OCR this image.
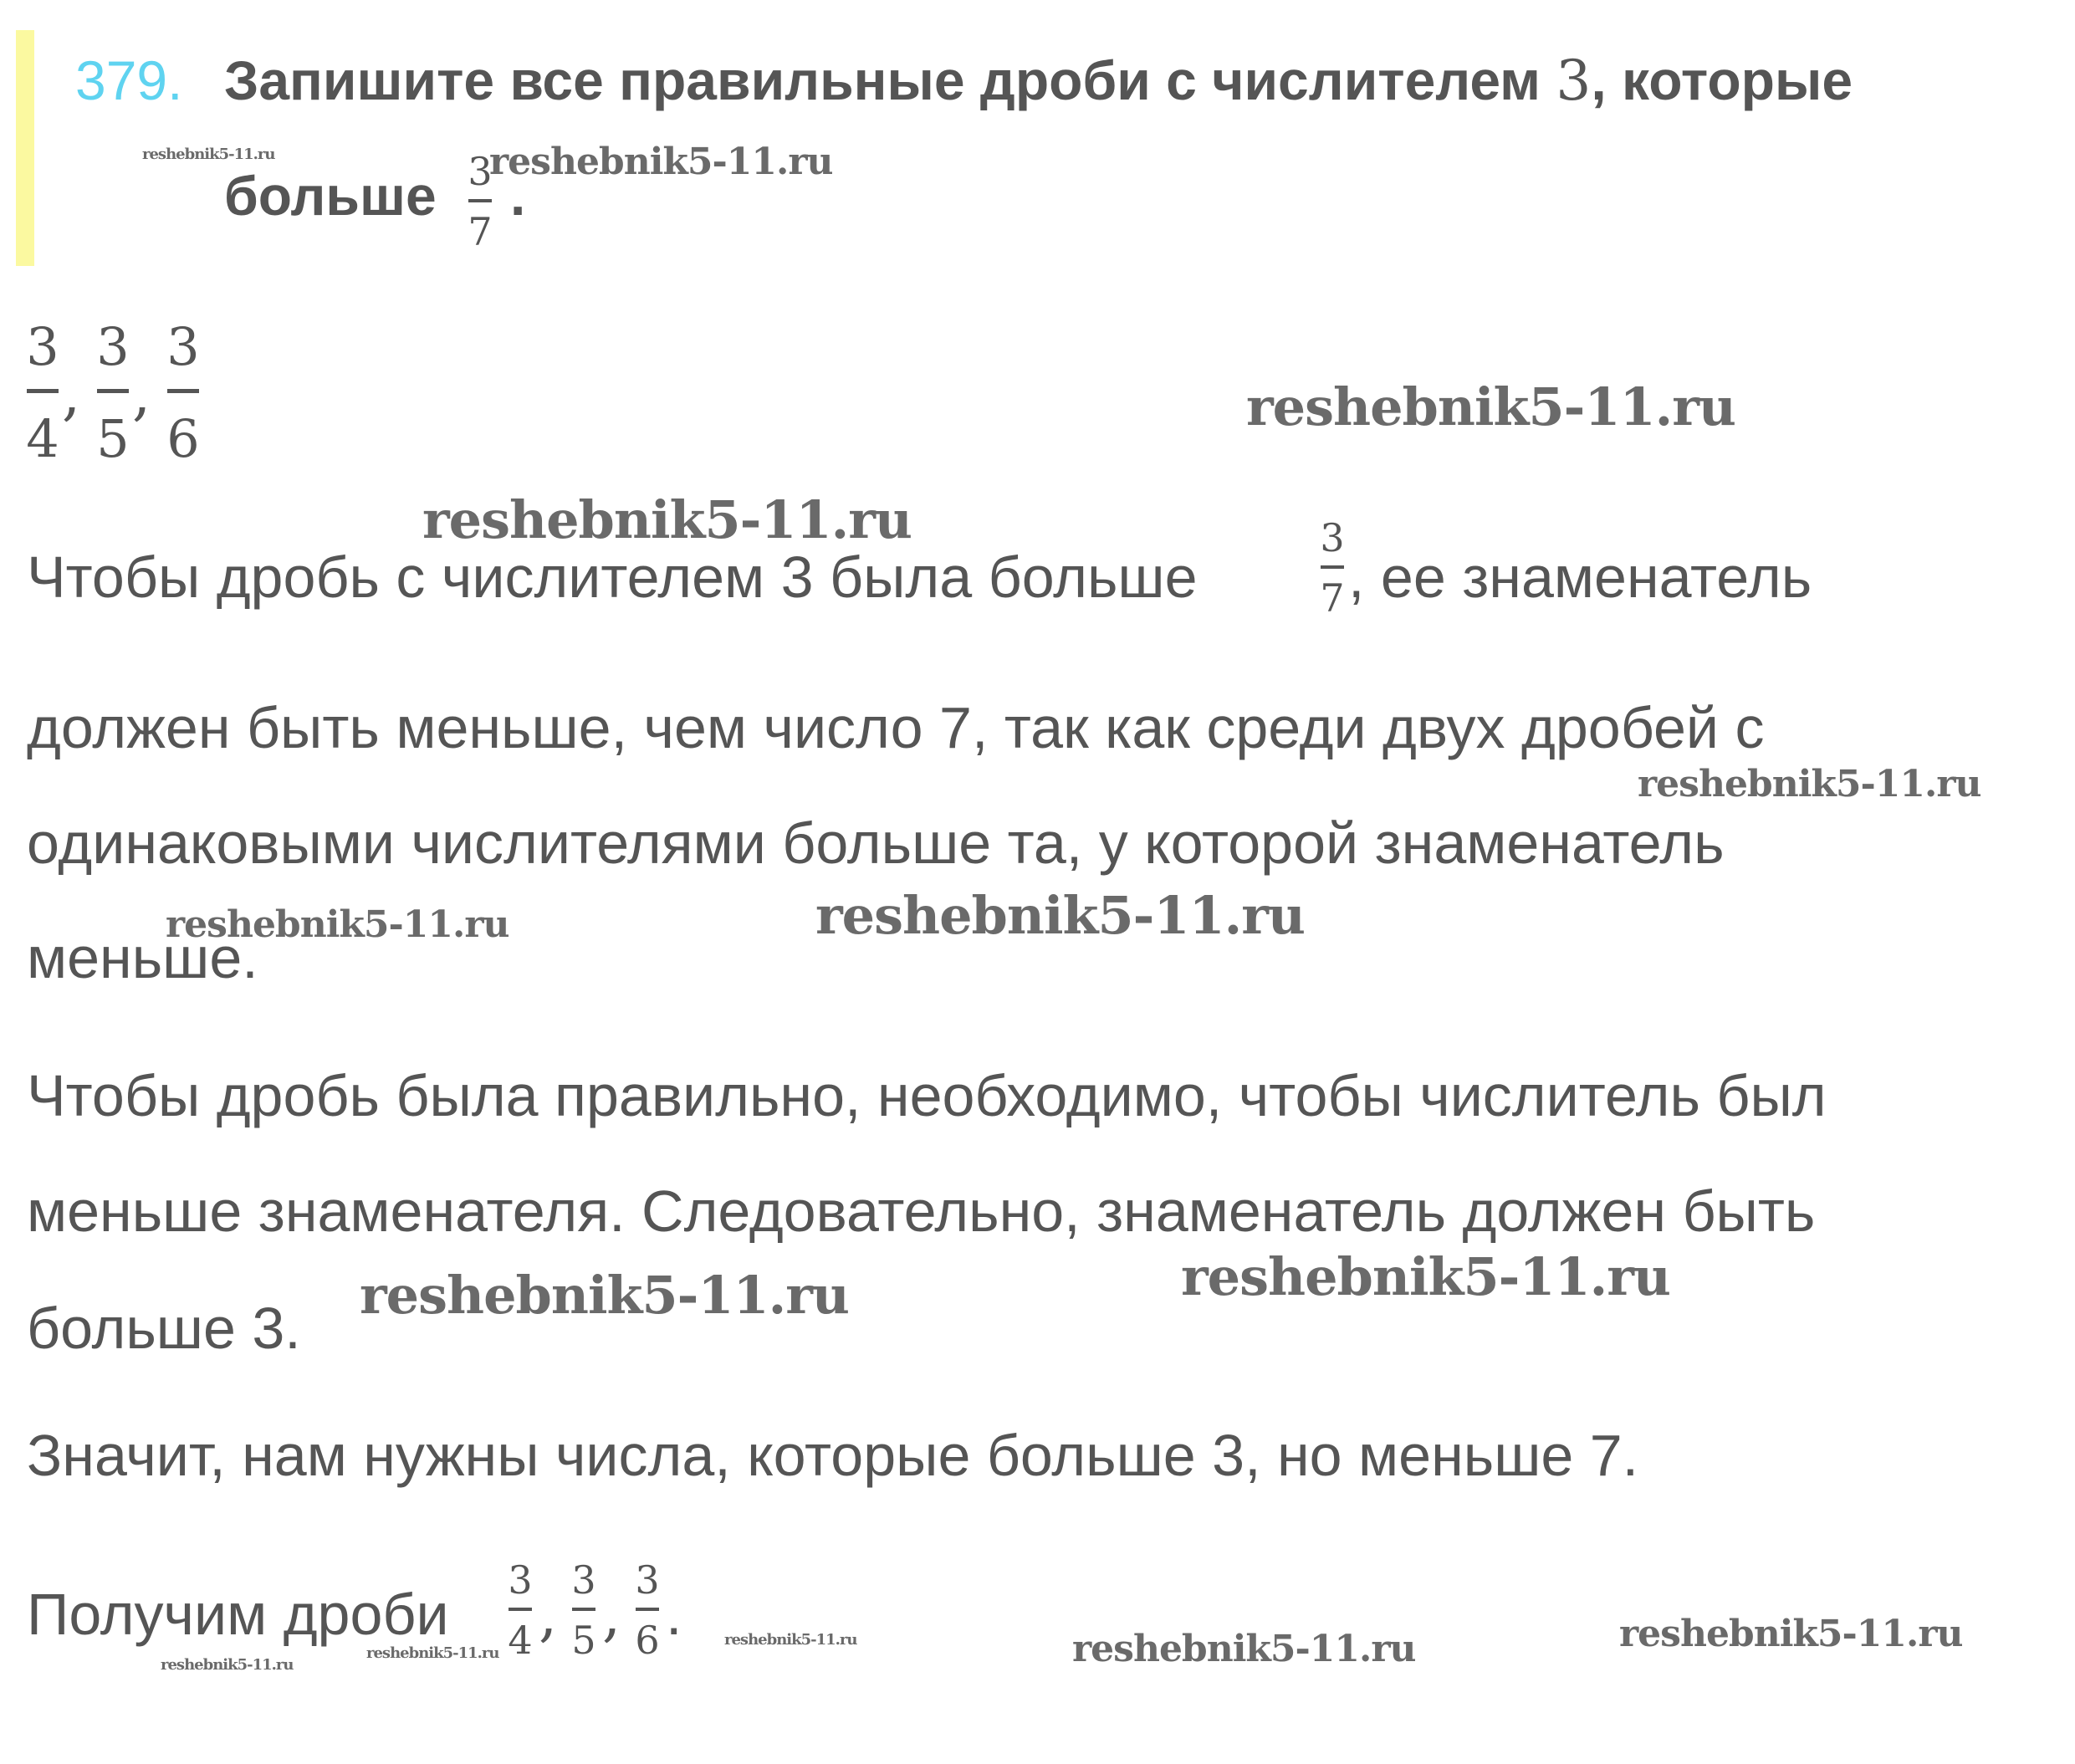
379. Запишите все правильные дроби с числителем 3, которые
больше 3
7
.
3
4
,
3
5
,
3
6
Чтобы дробь с числителем 3 была больше
3
7 , ее знаменатель
должен быть меньше, чем число 7, так как среди двух дробей с
одинаковыми числителями больше та, у которой знаменатель
меньше.
Чтобы дробь была правильно, необходимо, чтобы числитель был
меньше знаменателя. Следовательно, знаменатель должен быть
больше 3.
Значит, нам нужны числа, которые больше 3, но меньше 7.
Получим дроби
3
4 ,
3
5 ,
3
6 .
reshebnik5-11.ru	reshebnik5-11.ru
reshebnik5-11.ru
reshebnik5-11.ru
reshebnik5-11.ru
reshebnik5-11.ru	reshebnik5-11.ru
reshebnik5-11.ru
reshebnik5-11.ru
reshebnik5-11.ru
reshebnik5-11.ru
reshebnik5-11.ru	reshebnik5-11.ru	reshebnik5-11.ru
